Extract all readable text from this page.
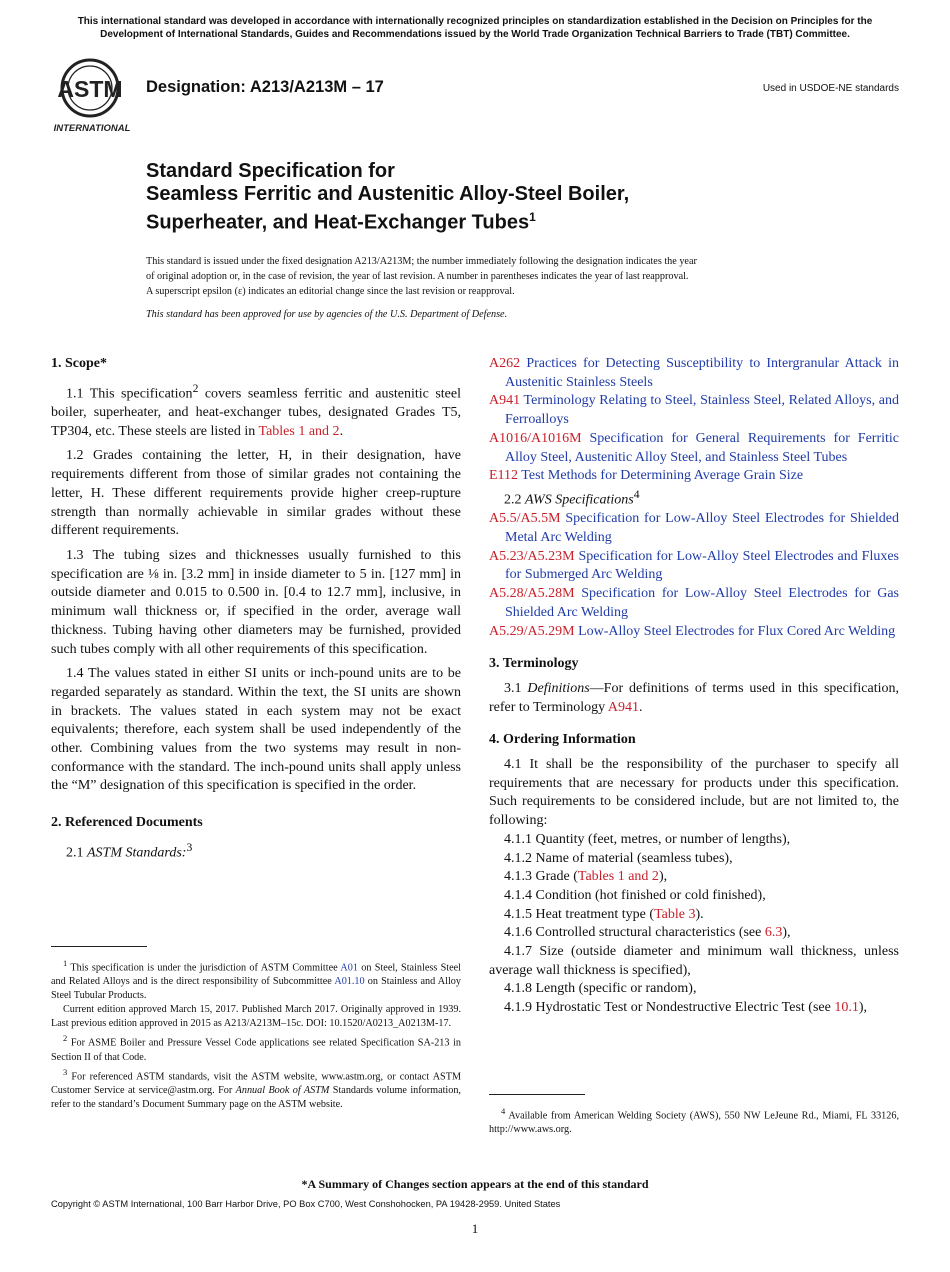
This international standard was developed in accordance with internationally recognized principles on standardization established in the Decision on Principles for the
Development of International Standards, Guides and Recommendations issued by the World Trade Organization Technical Barriers to Trade (TBT) Committee.
ASTM
INTERNATIONAL
Designation: A213/A213M – 17	Used in USDOE-NE standards
Standard Specification for
Seamless Ferritic and Austenitic Alloy-Steel Boiler,
Superheater, and Heat-Exchanger Tubes$^1$
This standard is issued under the fixed designation A213/A213M; the number immediately following the designation indicates the year
of original adoption or, in the case of revision, the year of last revision. A number in parentheses indicates the year of last reapproval.
A superscript epsilon (ε) indicates an editorial change since the last revision or reapproval.
This standard has been approved for use by agencies of the U.S. Department of Defense.

1. Scope*

1.1 This specification$^2$ covers seamless ferritic and austenitic steel boiler, superheater, and heat-exchanger tubes, designated Grades T5, TP304, etc. These steels are listed in Tables 1 and 2.

1.2 Grades containing the letter, H, in their designation, have requirements different from those of similar grades not containing the letter, H. These different requirements provide higher creep-rupture strength than normally achievable in similar grades without these different requirements.

1.3 The tubing sizes and thicknesses usually furnished to this specification are ⅛ in. [3.2 mm] in inside diameter to 5 in. [127 mm] in outside diameter and 0.015 to 0.500 in. [0.4 to 12.7 mm], inclusive, in minimum wall thickness or, if specified in the order, average wall thickness. Tubing having other diameters may be furnished, provided such tubes comply with all other requirements of this specification.

1.4 The values stated in either SI units or inch-pound units are to be regarded separately as standard. Within the text, the SI units are shown in brackets. The values stated in each system may not be exact equivalents; therefore, each system shall be used independently of the other. Combining values from the two systems may result in non-conformance with the standard. The inch-pound units shall apply unless the “M” designation of this specification is specified in the order.

2. Referenced Documents

2.1 ASTM Standards:$^3$

A262 Practices for Detecting Susceptibility to Intergranular Attack in Austenitic Stainless Steels

A941 Terminology Relating to Steel, Stainless Steel, Related Alloys, and Ferroalloys

A1016/A1016M Specification for General Requirements for Ferritic Alloy Steel, Austenitic Alloy Steel, and Stainless Steel Tubes

E112 Test Methods for Determining Average Grain Size

2.2 AWS Specifications$^4$

A5.5/A5.5M Specification for Low-Alloy Steel Electrodes for Shielded Metal Arc Welding

A5.23/A5.23M Specification for Low-Alloy Steel Electrodes and Fluxes for Submerged Arc Welding

A5.28/A5.28M Specification for Low-Alloy Steel Electrodes for Gas Shielded Arc Welding

A5.29/A5.29M Low-Alloy Steel Electrodes for Flux Cored Arc Welding

3. Terminology

3.1 Definitions—For definitions of terms used in this specification, refer to Terminology A941.

4. Ordering Information

4.1 It shall be the responsibility of the purchaser to specify all requirements that are necessary for products under this specification. Such requirements to be considered include, but are not limited to, the following:

4.1.1 Quantity (feet, metres, or number of lengths),

4.1.2 Name of material (seamless tubes),

4.1.3 Grade (Tables 1 and 2),

4.1.4 Condition (hot finished or cold finished),

4.1.5 Heat treatment type (Table 3).

4.1.6 Controlled structural characteristics (see 6.3),

4.1.7 Size (outside diameter and minimum wall thickness, unless average wall thickness is specified),

4.1.8 Length (specific or random),

4.1.9 Hydrostatic Test or Nondestructive Electric Test (see 10.1),

$^1$ This specification is under the jurisdiction of ASTM Committee A01 on Steel, Stainless Steel and Related Alloys and is the direct responsibility of Subcommittee A01.10 on Stainless and Alloy Steel Tubular Products.

Current edition approved March 15, 2017. Published March 2017. Originally approved in 1939. Last previous edition approved in 2015 as A213/A213M–15c. DOI: 10.1520/A0213_A0213M-17.

$^2$ For ASME Boiler and Pressure Vessel Code applications see related Specification SA-213 in Section II of that Code.

$^3$ For referenced ASTM standards, visit the ASTM website, www.astm.org, or contact ASTM Customer Service at service@astm.org. For Annual Book of ASTM Standards volume information, refer to the standard’s Document Summary page on the ASTM website.

$^4$ Available from American Welding Society (AWS), 550 NW LeJeune Rd., Miami, FL 33126, http://www.aws.org.

*A Summary of Changes section appears at the end of this standard
Copyright © ASTM International, 100 Barr Harbor Drive, PO Box C700, West Conshohocken, PA 19428-2959. United States
1
